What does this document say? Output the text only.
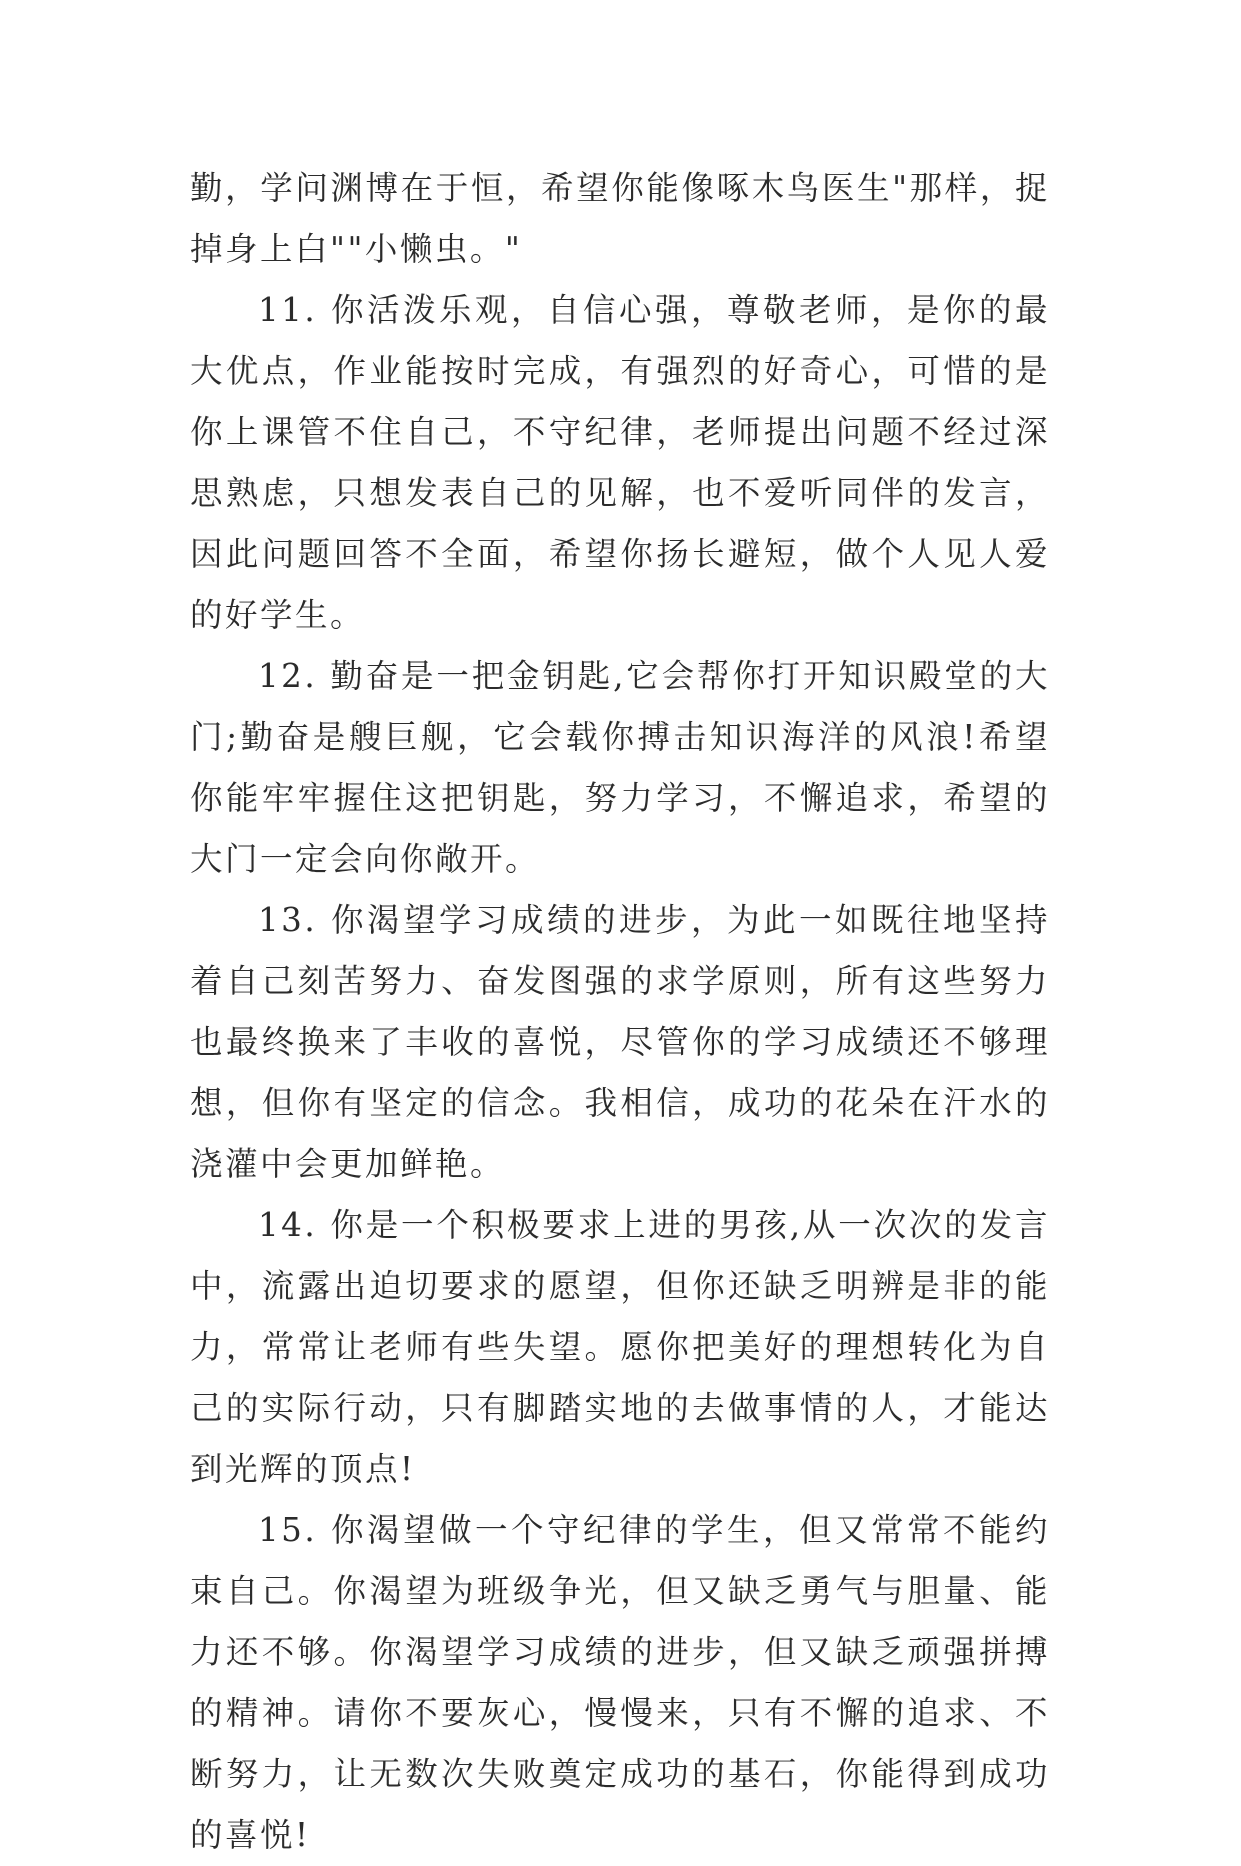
勤，学问渊博在于恒，希望你能像啄木鸟医生"那样，捉掉身上白""小懒虫。"

11. 你活泼乐观，自信心强，尊敬老师，是你的最大优点，作业能按时完成，有强烈的好奇心，可惜的是你上课管不住自己，不守纪律，老师提出问题不经过深思熟虑，只想发表自己的见解，也不爱听同伴的发言，因此问题回答不全面，希望你扬长避短，做个人见人爱的好学生。

12. 勤奋是一把金钥匙,它会帮你打开知识殿堂的大门;勤奋是艘巨舰，它会载你搏击知识海洋的风浪!希望你能牢牢握住这把钥匙，努力学习，不懈追求，希望的大门一定会向你敞开。

13. 你渴望学习成绩的进步，为此一如既往地坚持着自己刻苦努力、奋发图强的求学原则，所有这些努力也最终换来了丰收的喜悦，尽管你的学习成绩还不够理想，但你有坚定的信念。我相信，成功的花朵在汗水的浇灌中会更加鲜艳。

14. 你是一个积极要求上进的男孩,从一次次的发言中，流露出迫切要求的愿望，但你还缺乏明辨是非的能力，常常让老师有些失望。愿你把美好的理想转化为自己的实际行动，只有脚踏实地的去做事情的人，才能达到光辉的顶点!

15. 你渴望做一个守纪律的学生，但又常常不能约束自己。你渴望为班级争光，但又缺乏勇气与胆量、能力还不够。你渴望学习成绩的进步，但又缺乏顽强拼搏的精神。请你不要灰心，慢慢来，只有不懈的追求、不断努力，让无数次失败奠定成功的基石，你能得到成功的喜悦!
